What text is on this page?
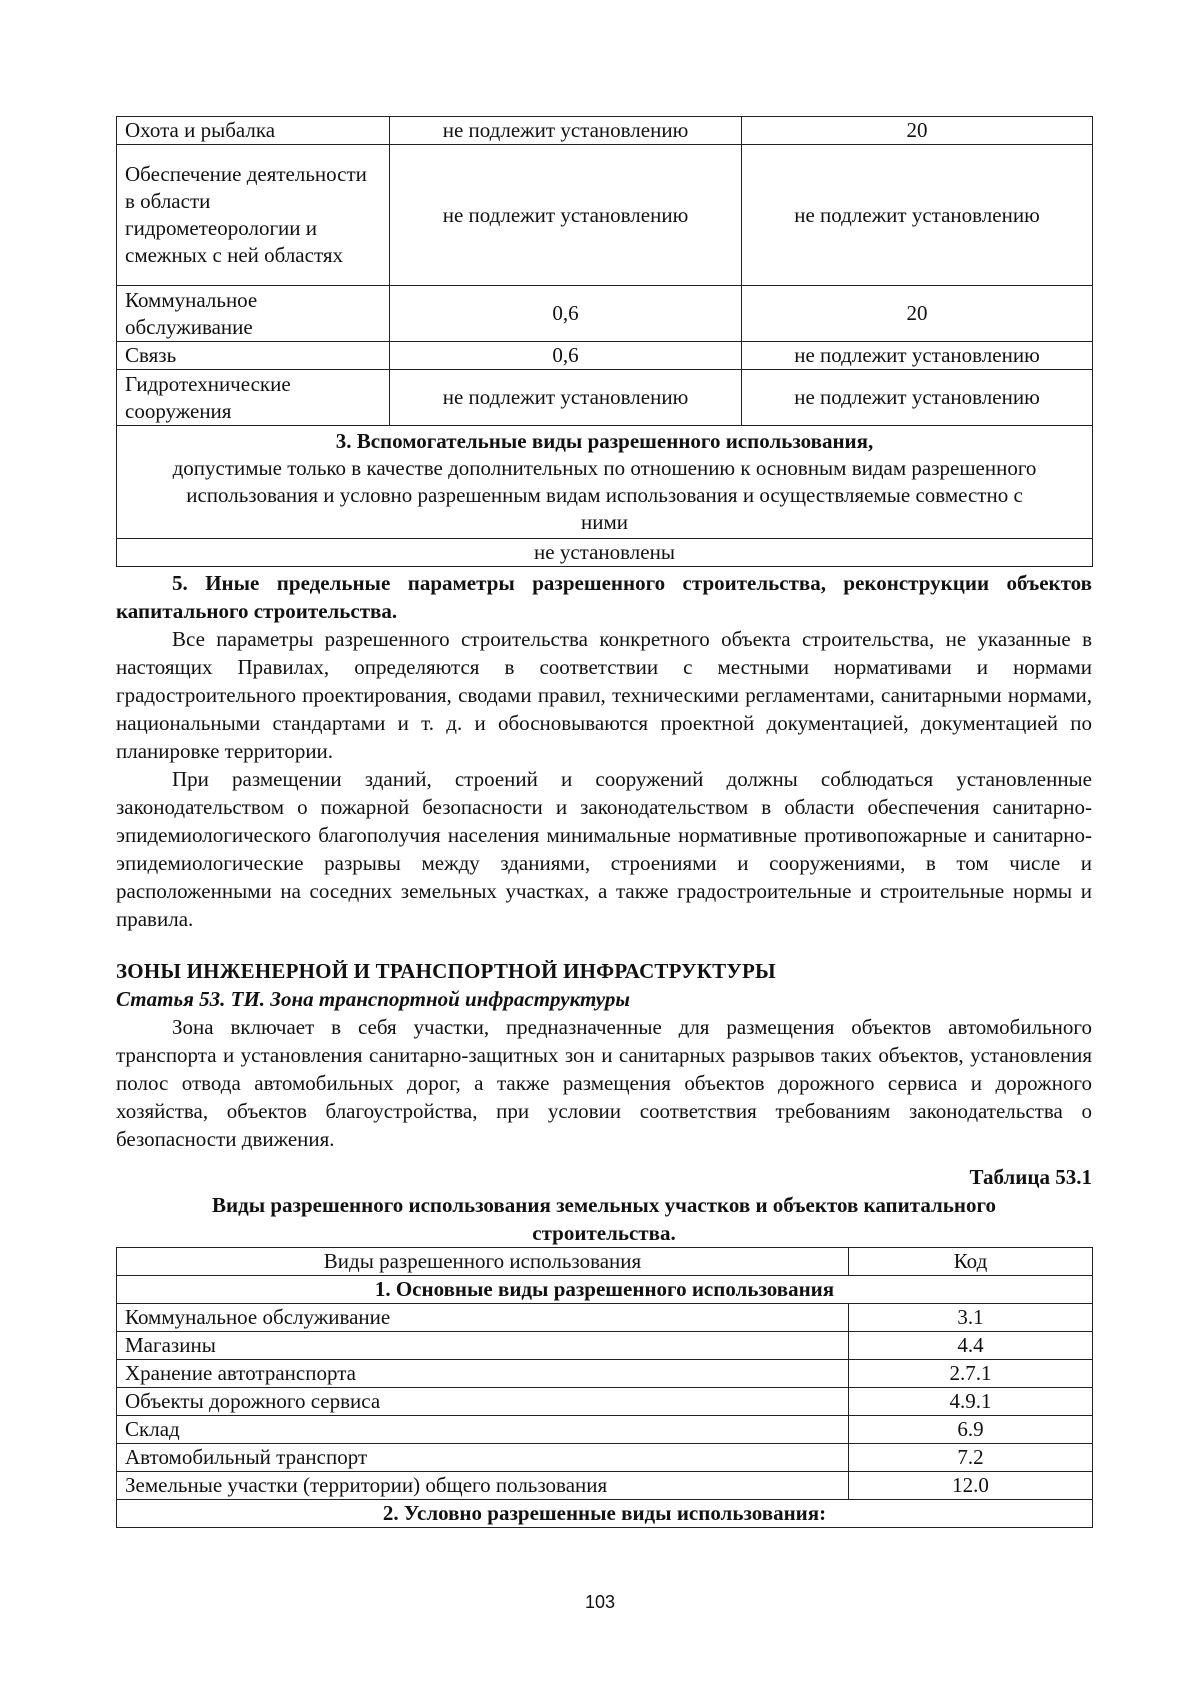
Охота и рыбалка	не подлежит установлению	20
Обеспечение деятельности в области гидрометеорологии и смежных с ней областях	не подлежит установлению	не подлежит установлению
Коммунальное обслуживание	0,6	20
Связь	0,6	не подлежит установлению
Гидротехнические сооружения	не подлежит установлению	не подлежит установлению

3. Вспомогательные виды разрешенного использования,
допустимые только в качестве дополнительных по отношению к основным видам разрешенного использования и условно разрешенным видам использования и осуществляемые совместно с ними		

не установлены		

5. Иные предельные параметры разрешенного строительства, реконструкции объектов капитального строительства.

Все параметры разрешенного строительства конкретного объекта строительства, не указанные в настоящих Правилах, определяются в соответствии с местными нормативами и нормами градостроительного проектирования, сводами правил, техническими регламентами, санитарными нормами, национальными стандартами и т. д. и обосновываются проектной документацией, документацией по планировке территории.

При размещении зданий, строений и сооружений должны соблюдаться установленные законодательством о пожарной безопасности и законодательством в области обеспечения санитарно-эпидемиологического благополучия населения минимальные нормативные противопожарные и санитарно-эпидемиологические разрывы между зданиями, строениями и сооружениями, в том числе и расположенными на соседних земельных участках, а также градостроительные и строительные нормы и правила.

ЗОНЫ ИНЖЕНЕРНОЙ И ТРАНСПОРТНОЙ ИНФРАСТРУКТУРЫ
Статья 53. ТИ. Зона транспортной инфраструктуры

Зона включает в себя участки, предназначенные для размещения объектов автомобильного транспорта и установления санитарно-защитных зон и санитарных разрывов таких объектов, установления полос отвода автомобильных дорог, а также размещения объектов дорожного сервиса и дорожного хозяйства, объектов благоустройства, при условии соответствия требованиям законодательства о безопасности движения.

Таблица 53.1
Виды разрешенного использования земельных участков и объектов капитального строительства.
Виды разрешенного использования	Код
1. Основные виды разрешенного использования	
Коммунальное обслуживание	3.1
Магазины	4.4
Хранение автотранспорта	2.7.1
Объекты дорожного сервиса	4.9.1
Склад	6.9
Автомобильный транспорт	7.2
Земельные участки (территории) общего пользования	12.0
2. Условно разрешенные виды использования:	
103
